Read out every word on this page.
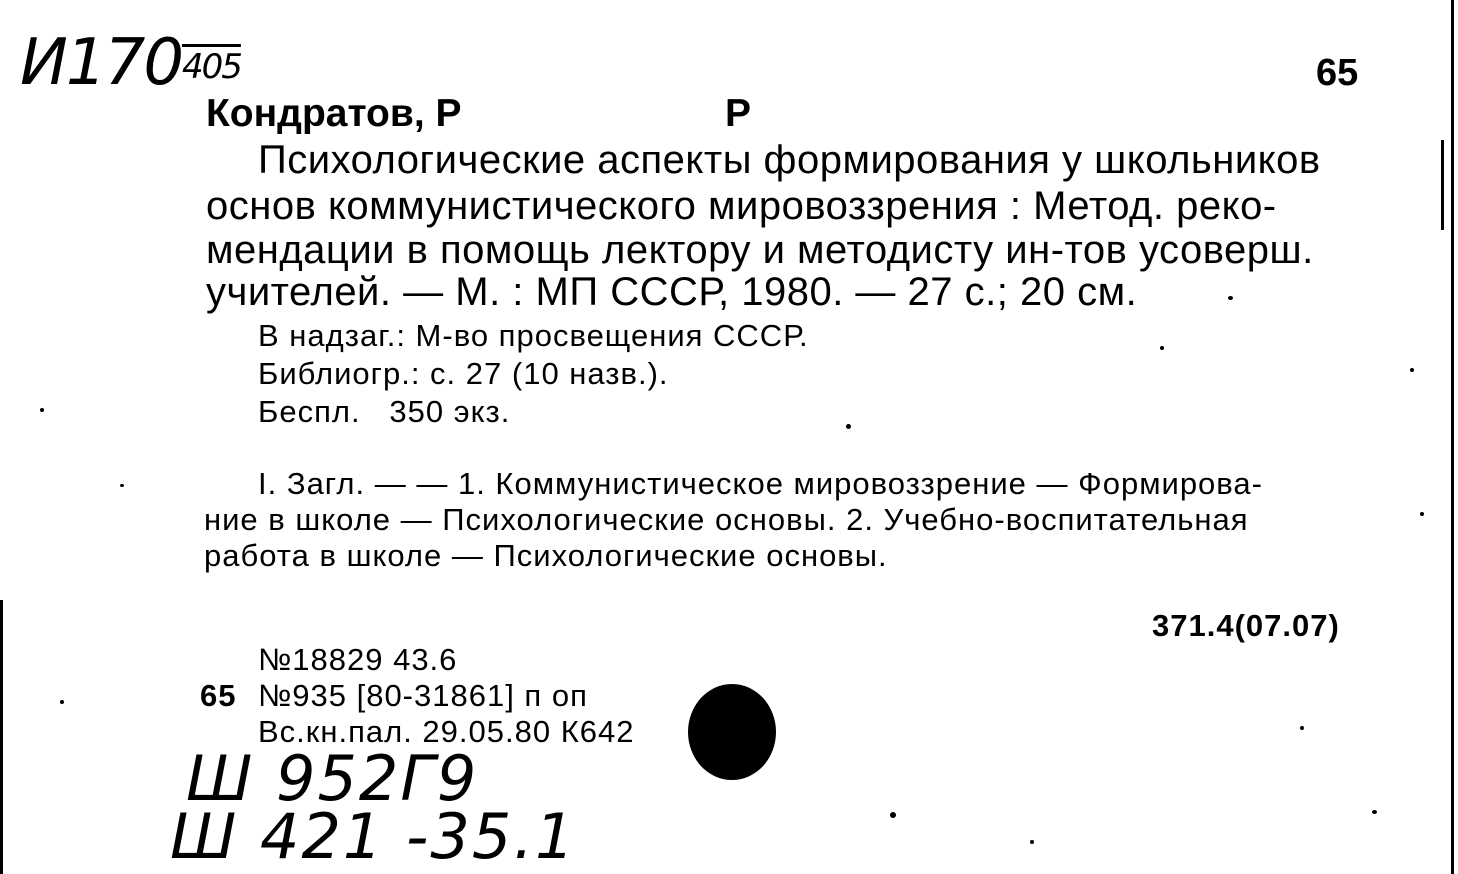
И170405	65
Кондратов, Р	Р
Психологические аспекты формирования у школьников
основ коммунистического мировоззрения : Метод. реко-
мендации в помощь лектору и методисту ин-тов усоверш.
учителей. — М. : МП СССР, 1980. — 27 с.; 20 см.
В надзаг.: М-во просвещения СССР.
Библиогр.: с. 27 (10 назв.).
Беспл.   350 экз.
I. Загл. — — 1. Коммунистическое мировоззрение — Формирова-
ние в школе — Психологические основы. 2. Учебно-воспитательная
работа в школе — Психологические основы.
371.4(07.07)
№18829 43.6
65 №935 [80-31861] п оп
Вс.кн.пал. 29.05.80 К642
Ш 952Г9
Ш 421 -35.1
